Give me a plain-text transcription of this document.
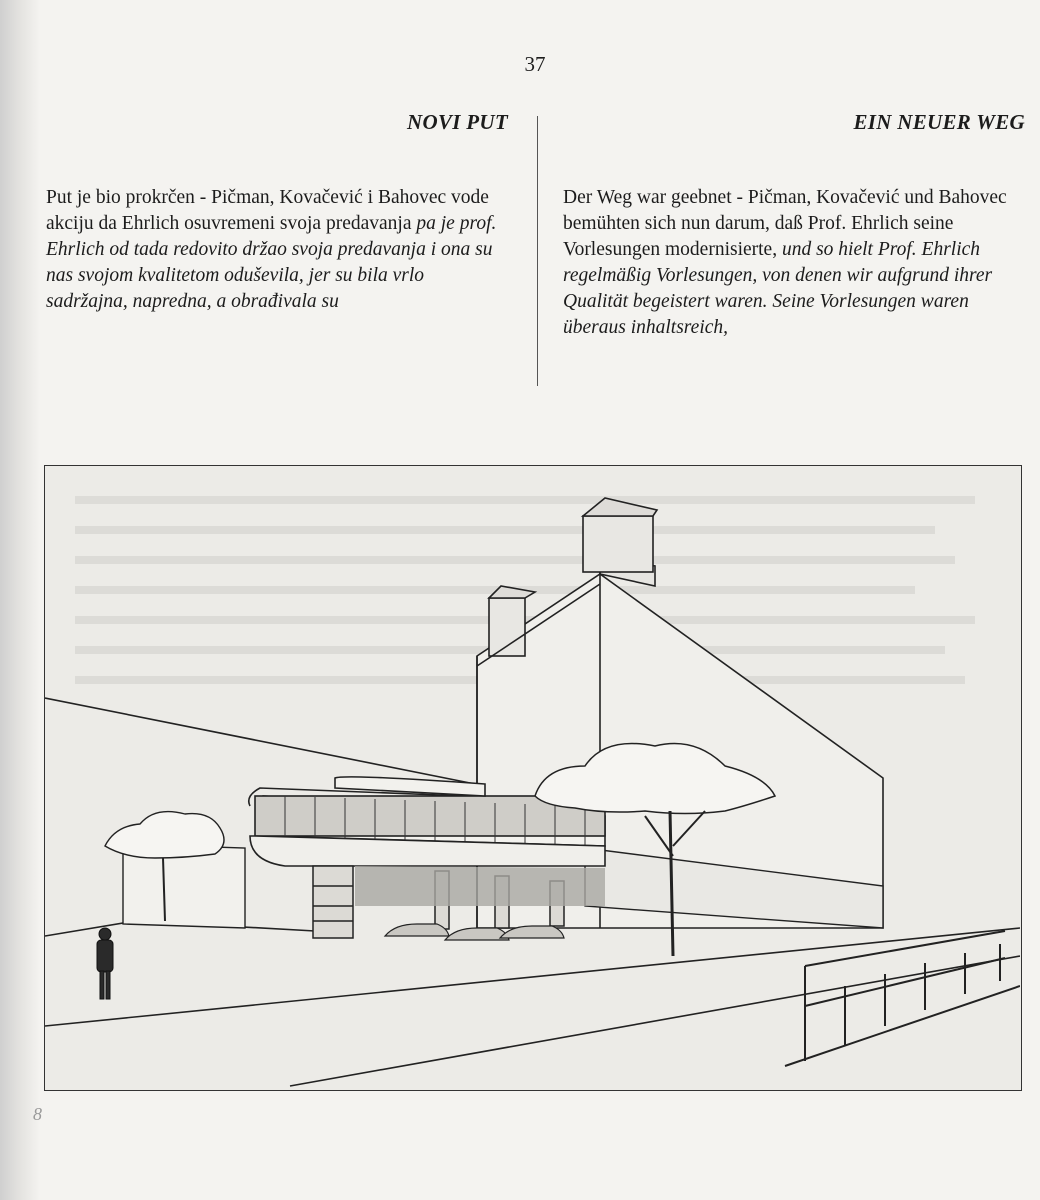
37
NOVI PUT

Put je bio prokrčen - Pičman, Kovačević i Bahovec vode akciju da Ehrlich osuvremeni svoja predavanja pa je prof. Ehrlich od tada redovito držao svoja predavanja i ona su nas svojom kvalitetom oduševila, jer su bila vrlo sadržajna, napredna, a obrađivala su

EIN NEUER WEG

Der Weg war geebnet - Pičman, Kovačević und Bahovec bemühten sich nun darum, daß Prof. Ehrlich seine Vorlesungen modernisierte, und so hielt Prof. Ehrlich regelmäßig Vorlesungen, von denen wir aufgrund ihrer Qualität begeistert waren. Seine Vorlesungen waren überaus inhaltsreich,

8
